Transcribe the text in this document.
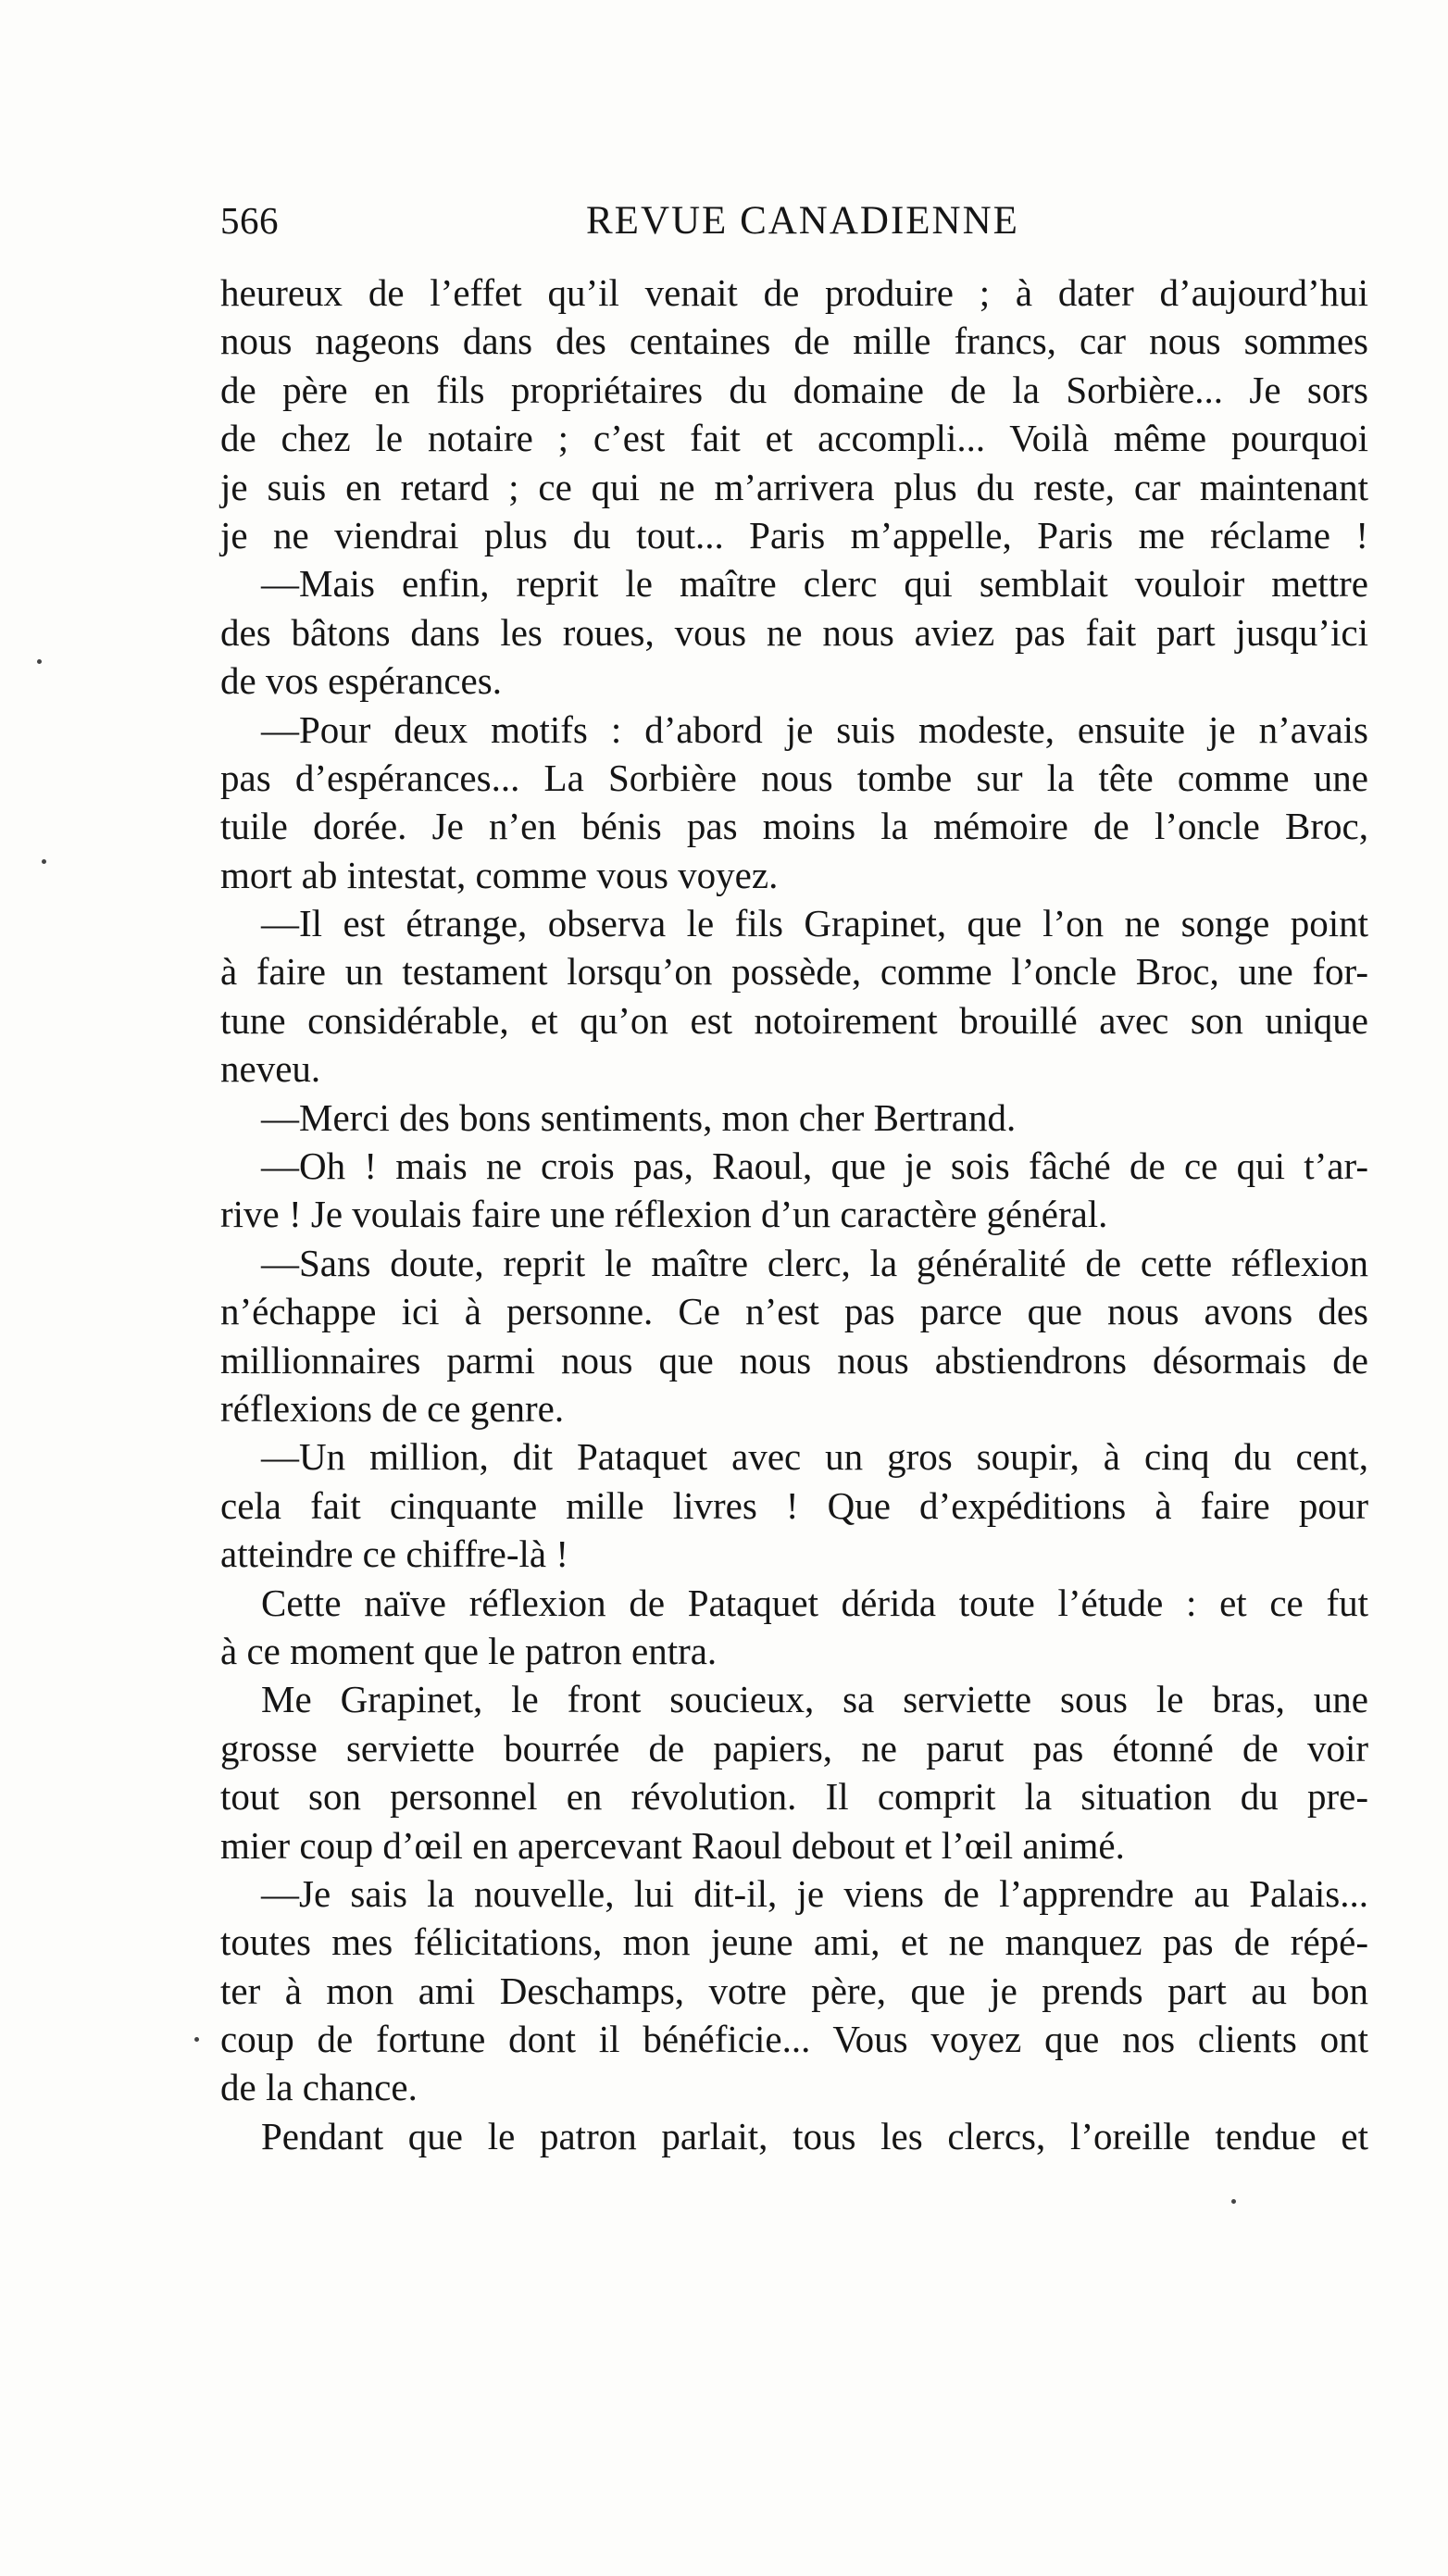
566	REVUE CANADIENNE
heureux de l’effet qu’il venait de produire ; à dater d’aujourd’hui
nous nageons dans des centaines de mille francs, car nous sommes
de père en fils propriétaires du domaine de la Sorbière... Je sors
de chez le notaire ; c’est fait et accompli... Voilà même pourquoi
je suis en retard ; ce qui ne m’arrivera plus du reste, car maintenant
je ne viendrai plus du tout... Paris m’appelle, Paris me réclame !
—Mais enfin, reprit le maître clerc qui semblait vouloir mettre
des bâtons dans les roues, vous ne nous aviez pas fait part jusqu’ici
de vos espérances.
—Pour deux motifs : d’abord je suis modeste, ensuite je n’avais
pas d’espérances... La Sorbière nous tombe sur la tête comme une
tuile dorée. Je n’en bénis pas moins la mémoire de l’oncle Broc,
mort ab intestat, comme vous voyez.
—Il est étrange, observa le fils Grapinet, que l’on ne songe point
à faire un testament lorsqu’on possède, comme l’oncle Broc, une for-
tune considérable, et qu’on est notoirement brouillé avec son unique
neveu.
—Merci des bons sentiments, mon cher Bertrand.
—Oh ! mais ne crois pas, Raoul, que je sois fâché de ce qui t’ar-
rive ! Je voulais faire une réflexion d’un caractère général.
—Sans doute, reprit le maître clerc, la généralité de cette réflexion
n’échappe ici à personne. Ce n’est pas parce que nous avons des
millionnaires parmi nous que nous nous abstiendrons désormais de
réflexions de ce genre.
—Un million, dit Pataquet avec un gros soupir, à cinq du cent,
cela fait cinquante mille livres ! Que d’expéditions à faire pour
atteindre ce chiffre-là !
Cette naïve réflexion de Pataquet dérida toute l’étude : et ce fut
à ce moment que le patron entra.
Me Grapinet, le front soucieux, sa serviette sous le bras, une
grosse serviette bourrée de papiers, ne parut pas étonné de voir
tout son personnel en révolution. Il comprit la situation du pre-
mier coup d’œil en apercevant Raoul debout et l’œil animé.
—Je sais la nouvelle, lui dit-il, je viens de l’apprendre au Palais...
toutes mes félicitations, mon jeune ami, et ne manquez pas de répé-
ter à mon ami Deschamps, votre père, que je prends part au bon
coup de fortune dont il bénéficie... Vous voyez que nos clients ont
de la chance.
Pendant que le patron parlait, tous les clercs, l’oreille tendue et
